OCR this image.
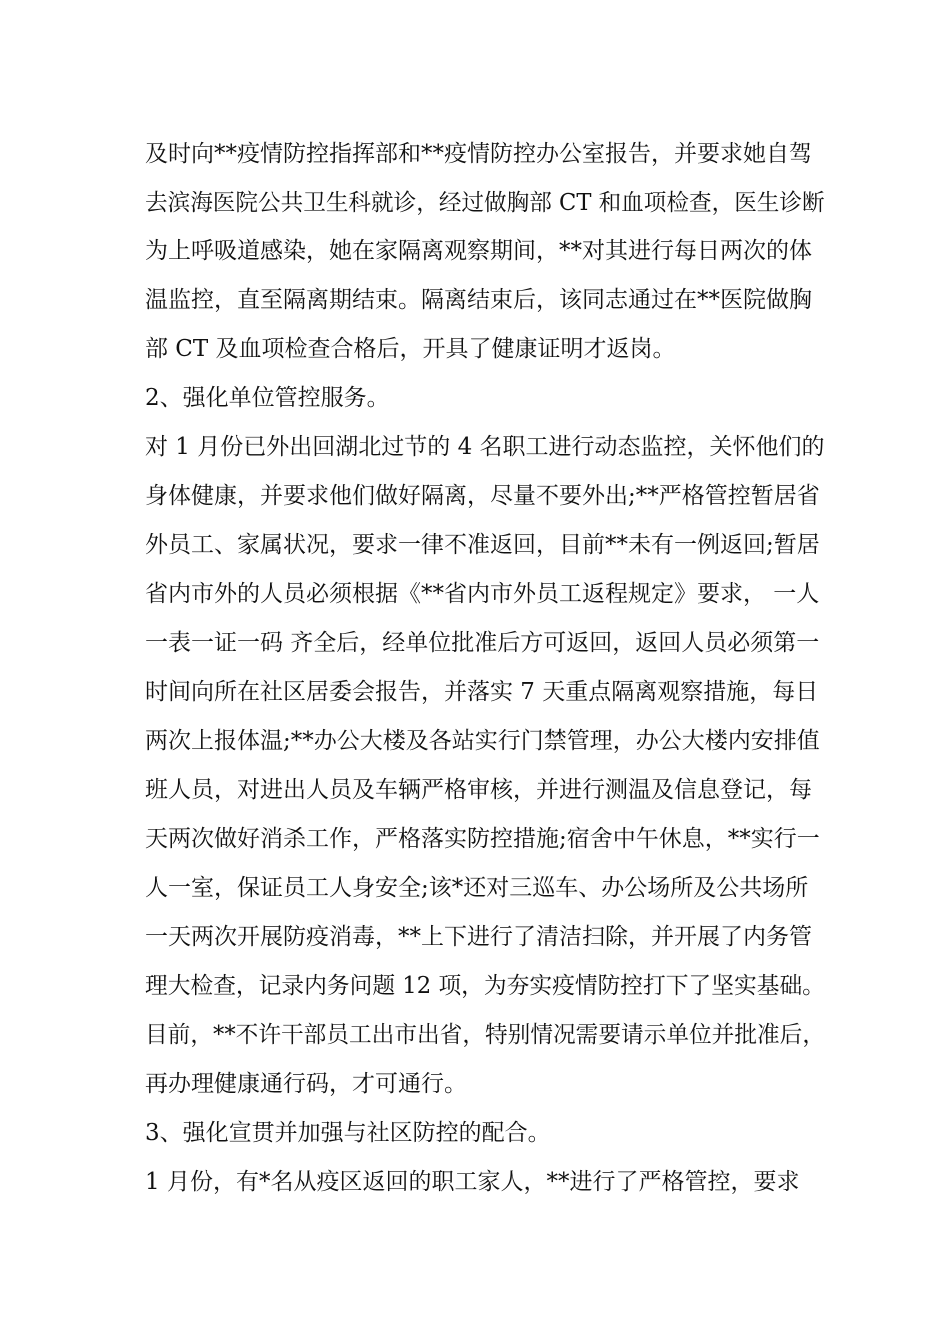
及时向**疫情防控指挥部和**疫情防控办公室报告，并要求她自驾
去滨海医院公共卫生科就诊，经过做胸部 CT 和血项检查，医生诊断
为上呼吸道感染，她在家隔离观察期间，**对其进行每日两次的体
温监控，直至隔离期结束。隔离结束后，该同志通过在**医院做胸
部 CT 及血项检查合格后，开具了健康证明才返岗。
2、强化单位管控服务。
对 1 月份已外出回湖北过节的 4 名职工进行动态监控，关怀他们的
身体健康，并要求他们做好隔离，尽量不要外出;**严格管控暂居省
外员工、家属状况，要求一律不准返回，目前**未有一例返回;暂居
省内市外的人员必须根据《**省内市外员工返程规定》要求， 一人
一表一证一码 齐全后，经单位批准后方可返回，返回人员必须第一
时间向所在社区居委会报告，并落实 7 天重点隔离观察措施，每日
两次上报体温;**办公大楼及各站实行门禁管理，办公大楼内安排值
班人员，对进出人员及车辆严格审核，并进行测温及信息登记，每
天两次做好消杀工作，严格落实防控措施;宿舍中午休息，**实行一
人一室，保证员工人身安全;该*还对三巡车、办公场所及公共场所
一天两次开展防疫消毒，**上下进行了清洁扫除，并开展了内务管
理大检查，记录内务问题 12 项，为夯实疫情防控打下了坚实基础。
目前，**不许干部员工出市出省，特别情况需要请示单位并批准后，
再办理健康通行码，才可通行。
3、强化宣贯并加强与社区防控的配合。
1 月份，有*名从疫区返回的职工家人，**进行了严格管控，要求
